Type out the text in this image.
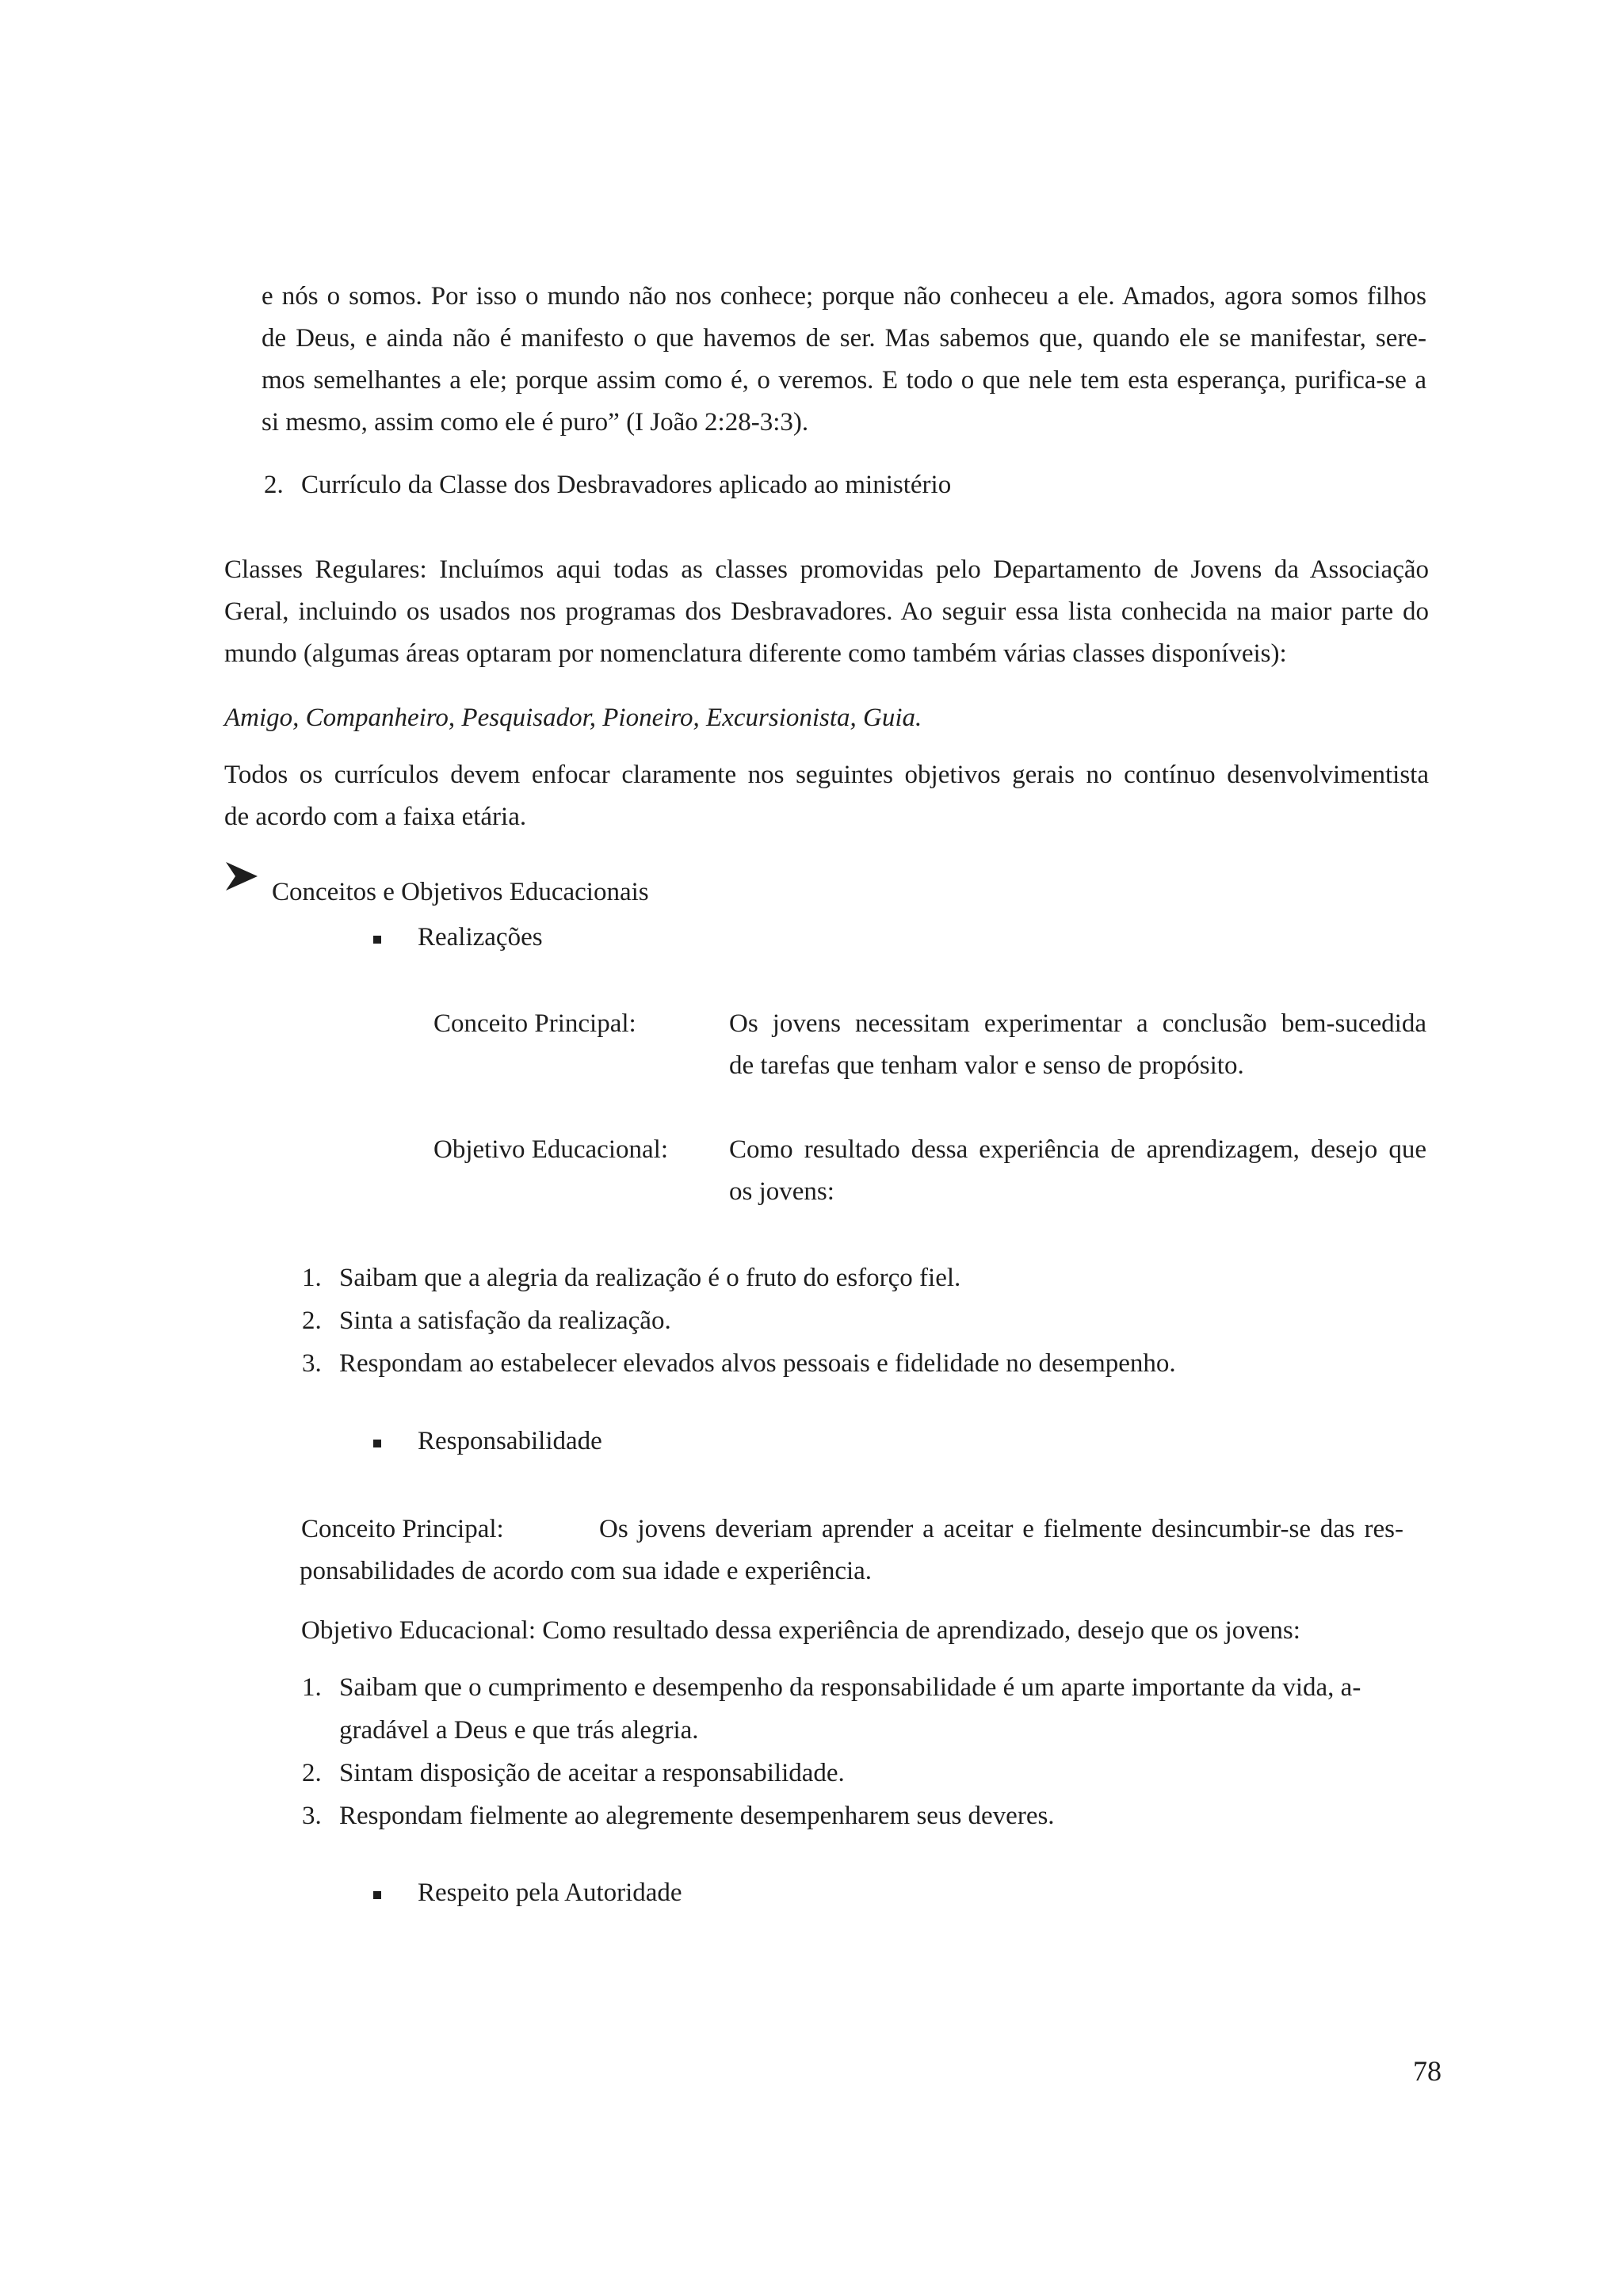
e nós o somos. Por isso o mundo não nos conhece; porque não conheceu a ele. Amados, agora somos filhos
de Deus, e ainda não é manifesto o que havemos de ser. Mas sabemos que, quando ele se manifestar, sere-
mos semelhantes a ele; porque assim como é, o veremos. E todo o que nele tem esta esperança, purifica-se a
si mesmo, assim como ele é puro” (I João 2:28-3:3).
2. Currículo da Classe dos Desbravadores aplicado ao ministério
Classes Regulares: Incluímos aqui todas as classes promovidas pelo Departamento de Jovens da Associação
Geral, incluindo os usados nos programas dos Desbravadores. Ao seguir essa lista conhecida na maior parte do
mundo (algumas áreas optaram por nomenclatura diferente como também várias classes disponíveis):
Amigo, Companheiro, Pesquisador, Pioneiro, Excursionista, Guia.
Todos os currículos devem enfocar claramente nos seguintes objetivos gerais no contínuo desenvolvimentista
de acordo com a faixa etária.
Conceitos e Objetivos Educacionais
Realizações
Conceito Principal:	Os jovens necessitam experimentar a conclusão bem-sucedida
de tarefas que tenham valor e senso de propósito.
Objetivo Educacional: Como resultado dessa experiência de aprendizagem, desejo que
os jovens:
1. Saibam que a alegria da realização é o fruto do esforço fiel.
2. Sinta a satisfação da realização.
3. Respondam ao estabelecer elevados alvos pessoais e fidelidade no desempenho.
Responsabilidade
Conceito Principal:	Os jovens deveriam aprender a aceitar e fielmente desincumbir-se das res-
ponsabilidades de acordo com sua idade e experiência.
Objetivo Educacional: Como resultado dessa experiência de aprendizado, desejo que os jovens:
1. Saibam que o cumprimento e desempenho da responsabilidade é um aparte importante da vida, a-
gradável a Deus e que trás alegria.
2. Sintam disposição de aceitar a responsabilidade.
3. Respondam fielmente ao alegremente desempenharem seus deveres.
Respeito pela Autoridade
78
